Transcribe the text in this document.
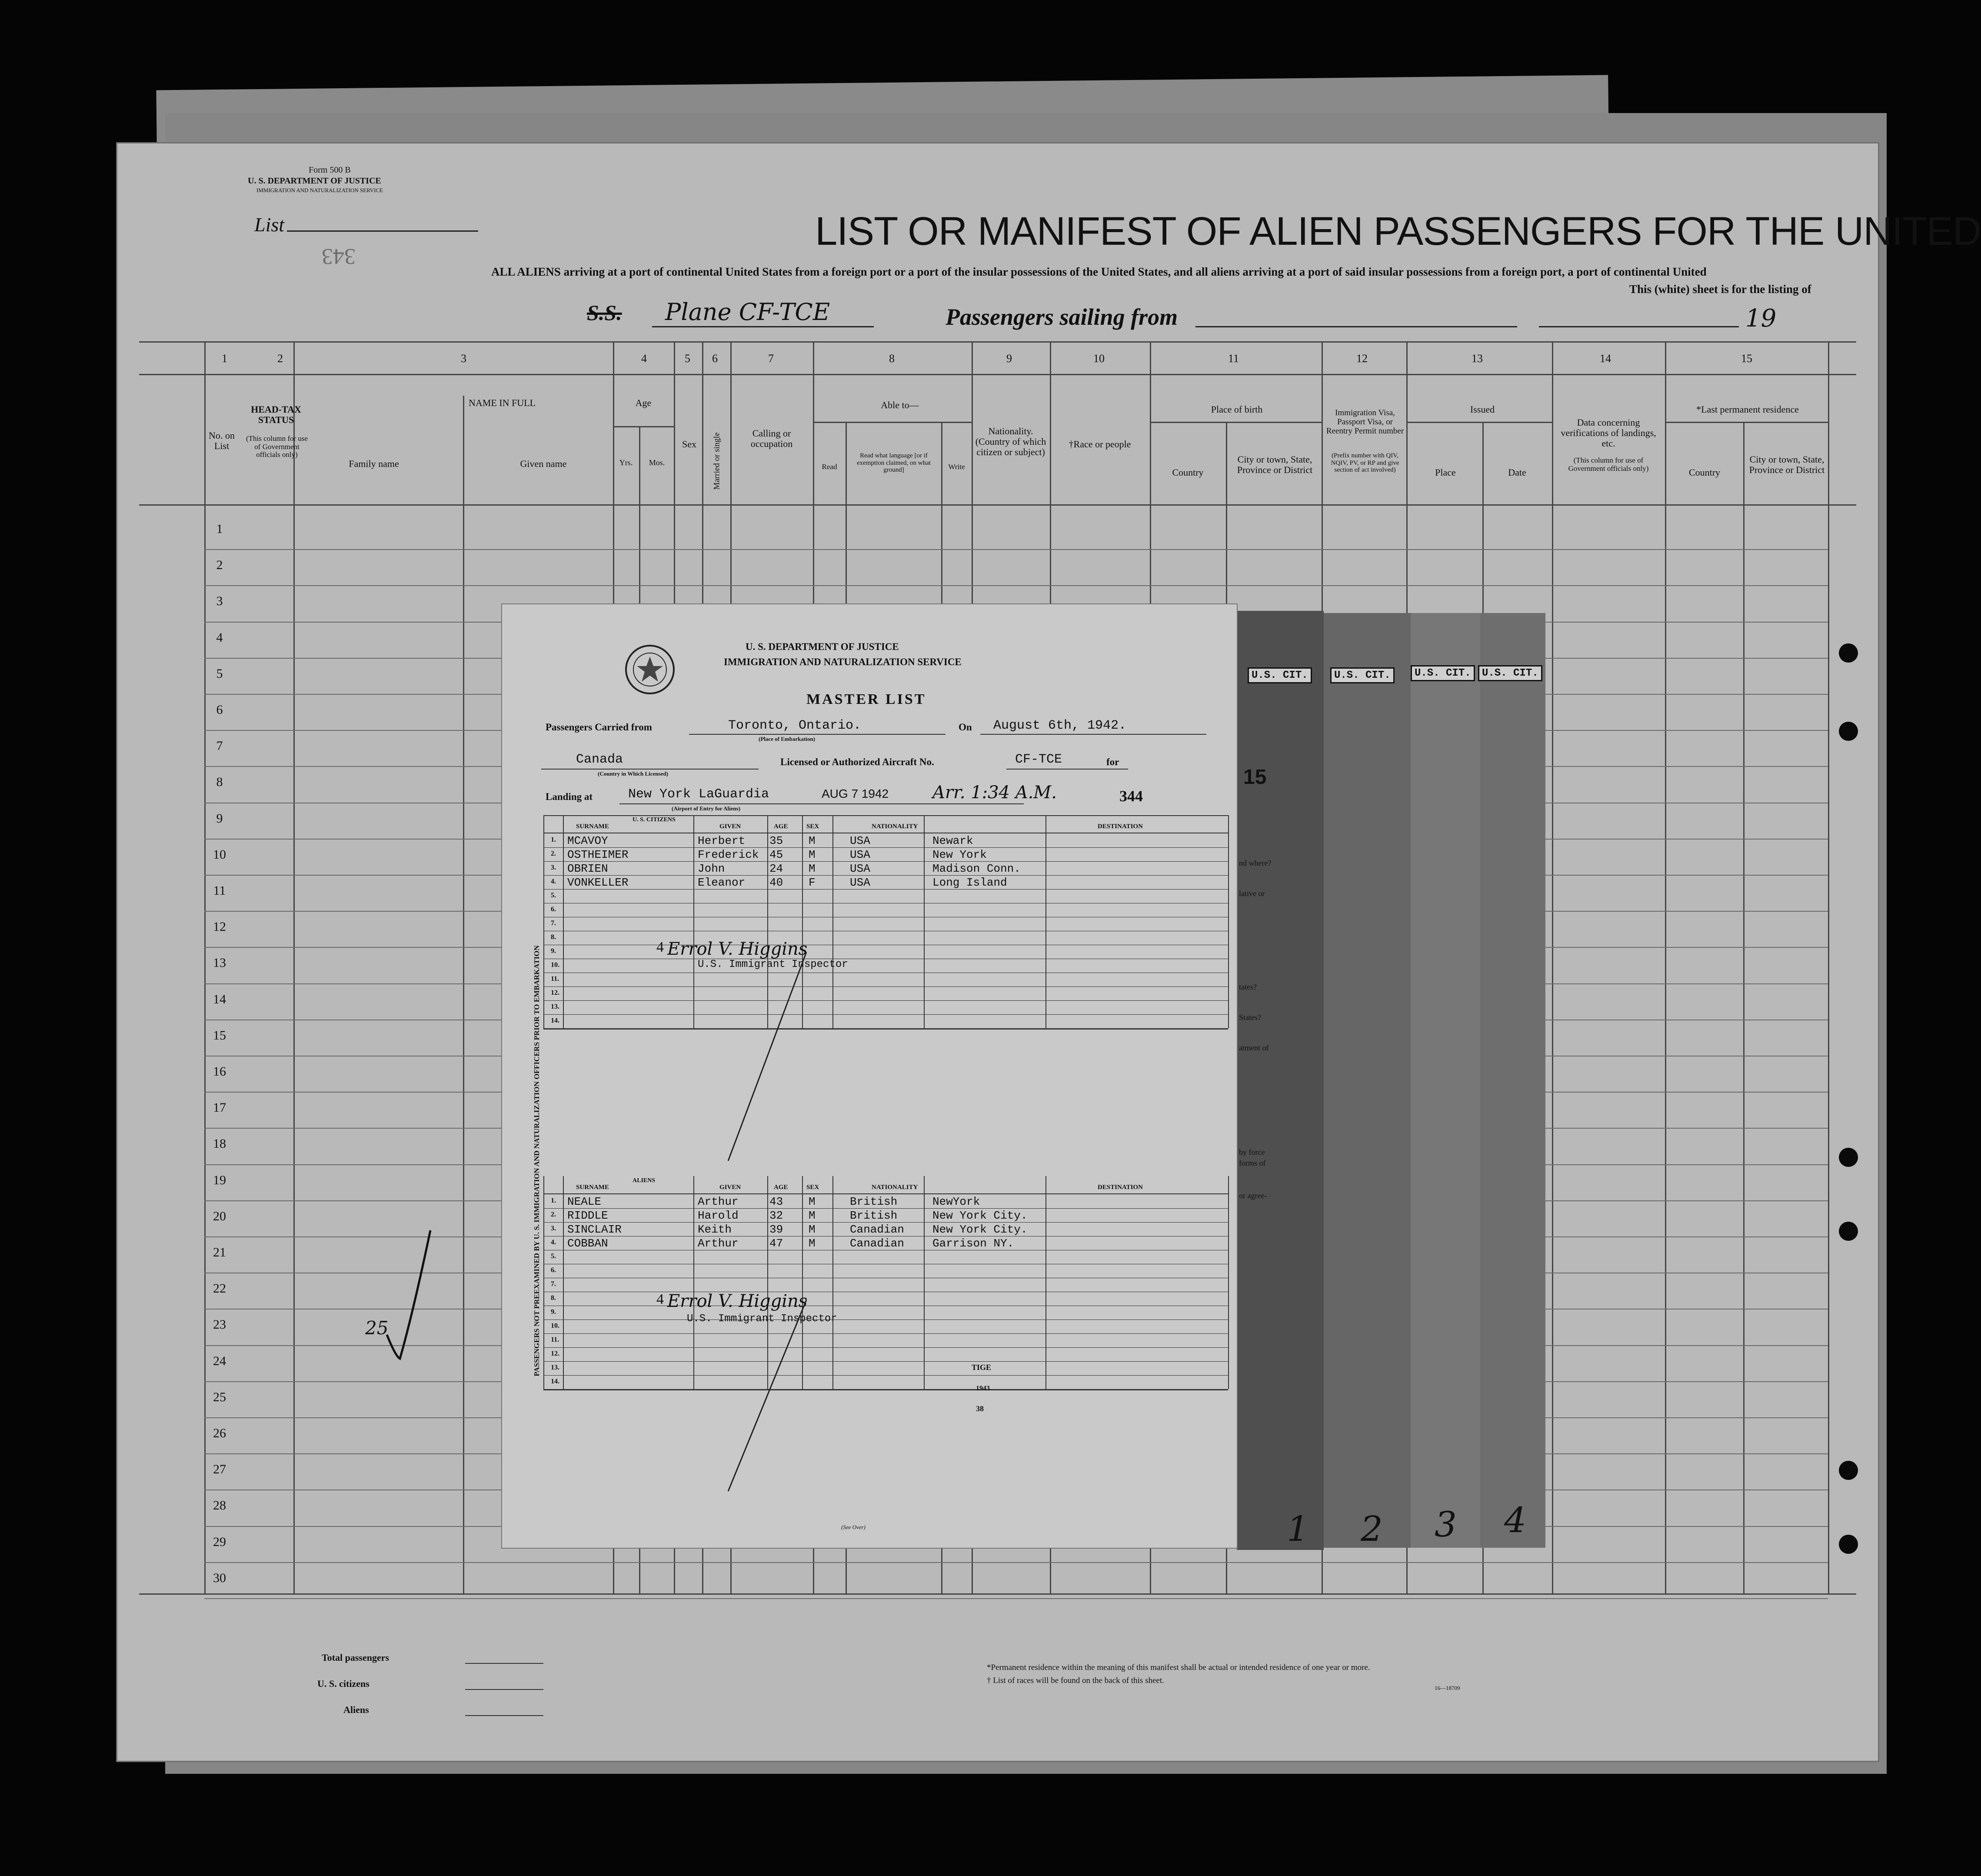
Form 500 B
U. S. DEPARTMENT OF JUSTICE
IMMIGRATION AND NATURALIZATION SERVICE
List
343
LIST OR MANIFEST OF ALIEN PASSENGERS FOR THE UNITED
ALL ALIENS arriving at a port of continental United States from a foreign port or a port of the insular possessions of the United States, and all aliens arriving at a port of said insular possessions from a foreign port, a port of continental United
This (white) sheet is for the listing of
S.S. Plane CF-TCE	Passengers sailing from	19
1	2	3	4	5 6	7	8	9	10	11	12	13	14	15
No. on List
HEAD-TAX STATUS
(This column for use of Government officials only)
NAME IN FULL
Family name	Given name
Age
Yrs.	Mos.
Sex	Married or single	Calling or occupation
Able to—
Read
Read what language [or if exemption claimed, on what ground]	Write
Nationality. (Country of which citizen or subject)
†Race or people
Place of birth
Country
City or town, State, Province or District
Immigration Visa, Passport Visa, or Reentry Permit number
(Prefix number with QIV, NQIV, PV, or RP and give section of act involved)
Issued
Place	Date
Data concerning verifications of landings, etc.
(This column for use of Government officials only)
*Last permanent residence
Country
City or town, State, Province or District
1
2
3
4
5
6
7
8
9
10
11
12
13
14
15
16
17
18
19
20
21
22
23
24
25
26
27
28
29
30
25
Total passengers
U. S. citizens
Aliens
*Permanent residence within the meaning of this manifest shall be actual or intended residence of one year or more.
† List of races will be found on the back of this sheet.
16—18709
U.S. CIT.	U.S. CIT.	U.S. CIT.	U.S. CIT.
15
nd where?
lative or
tates?
States?
atment of
by force
forms of
or agree-
1 2 3 4
U. S. DEPARTMENT OF JUSTICE
IMMIGRATION AND NATURALIZATION SERVICE
MASTER LIST
Passengers Carried from	Toronto, Ontario.
(Place of Embarkation)
On August 6th, 1942.
Canada
(Country in Which Licensed)
Licensed or Authorized Aircraft No.	CF-TCE	for
Landing at	New York LaGuardia	AUG 7 1942	Arr. 1:34 A.M.
(Airport of Entry for Aliens)
344
PASSENGERS NOT PREEXAMINED BY U. S. IMMIGRATION AND NATURALIZATION OFFICERS PRIOR TO EMBARKATION
U. S. CITIZENS
SURNAME	GIVEN	AGE	SEX	NATIONALITY	DESTINATION
1. MCAVOY	Herbert 35 M	USA	Newark
2. OSTHEIMER	Frederick 45 M	USA	New York
3. OBRIEN	John	24 M	USA	Madison Conn.
4. VONKELLER	Eleanor 40 F	USA	Long Island
5.
6.
7.
8.
9.
10.
11.
12.
13.
14.
ALIENS
SURNAME	GIVEN	AGE	SEX	NATIONALITY	DESTINATION
1. NEALE	Arthur	43 M	British	NewYork
2. RIDDLE	Harold	32 M	British	New York City.
3. SINCLAIR	Keith	39 M	Canadian	New York City.
4. COBBAN	Arthur	47 M	Canadian	Garrison NY.
5.
6.
7.
8.
9.
10.
11.
12.
13.
14.
Errol V. Higgins
4
U.S. Immigrant Inspector
Errol V. Higgins
4
U.S. Immigrant Inspector
TIGE
1943
38
(See Over)
